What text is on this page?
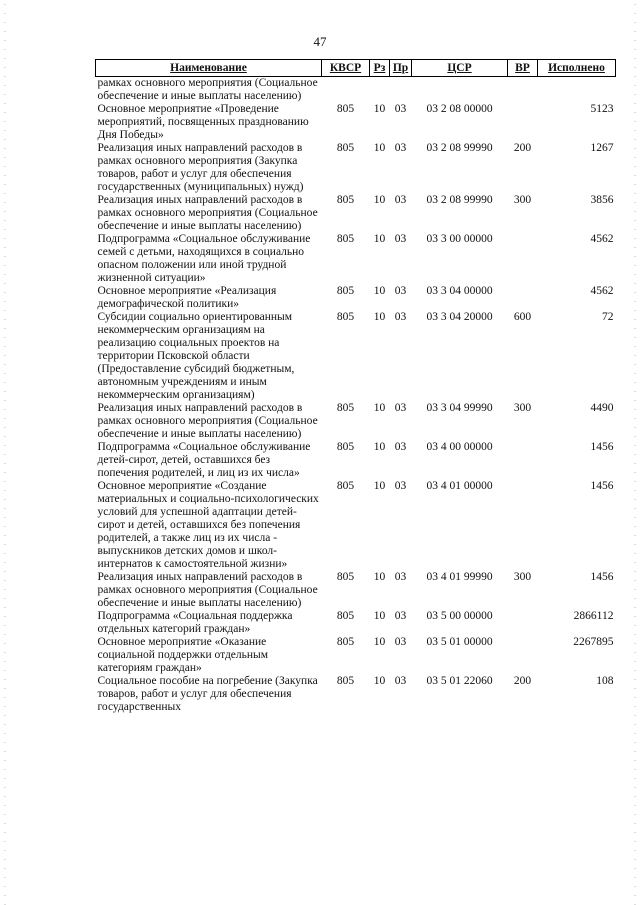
47
Наименование	КВСР	Рз	Пр	ЦСР	ВР	Исполнено
рамках основного мероприятия (Социальное обеспечение и иные выплаты населению)						
Основное мероприятие «Проведение мероприятий, посвященных празднованию Дня Победы»	805	10	03	03 2 08 00000		5123
Реализация иных направлений расходов в рамках основного мероприятия (Закупка товаров, работ и услуг для обеспечения государственных (муниципальных) нужд)	805	10	03	03 2 08 99990	200	1267
Реализация иных направлений расходов в рамках основного мероприятия (Социальное обеспечение и иные выплаты населению)	805	10	03	03 2 08 99990	300	3856
Подпрограмма «Социальное обслуживание семей с детьми, находящихся в социально опасном положении или иной трудной жизненной ситуации»	805	10	03	03 3 00 00000		4562
Основное мероприятие «Реализация демографической политики»	805	10	03	03 3 04 00000		4562
Субсидии социально ориентированным некоммерческим организациям на реализацию социальных проектов на территории Псковской области (Предоставление субсидий бюджетным, автономным учреждениям и иным некоммерческим организациям)	805	10	03	03 3 04 20000	600	72
Реализация иных направлений расходов в рамках основного мероприятия (Социальное обеспечение и иные выплаты населению)	805	10	03	03 3 04 99990	300	4490
Подпрограмма «Социальное обслуживание детей-сирот, детей, оставшихся без попечения родителей, и лиц из их числа»	805	10	03	03 4 00 00000		1456
Основное мероприятие «Создание материальных и социально-психологических условий для успешной адаптации детей-сирот и детей, оставшихся без попечения родителей, а также лиц из их числа - выпускников детских домов и школ-интернатов к самостоятельной жизни»	805	10	03	03 4 01 00000		1456
Реализация иных направлений расходов в рамках основного мероприятия (Социальное обеспечение и иные выплаты населению)	805	10	03	03 4 01 99990	300	1456
Подпрограмма «Социальная поддержка отдельных категорий граждан»	805	10	03	03 5 00 00000		2866112
Основное мероприятие «Оказание социальной поддержки отдельным категориям граждан»	805	10	03	03 5 01 00000		2267895
Социальное пособие на погребение (Закупка товаров, работ и услуг для обеспечения государственных	805	10	03	03 5 01 22060	200	108
